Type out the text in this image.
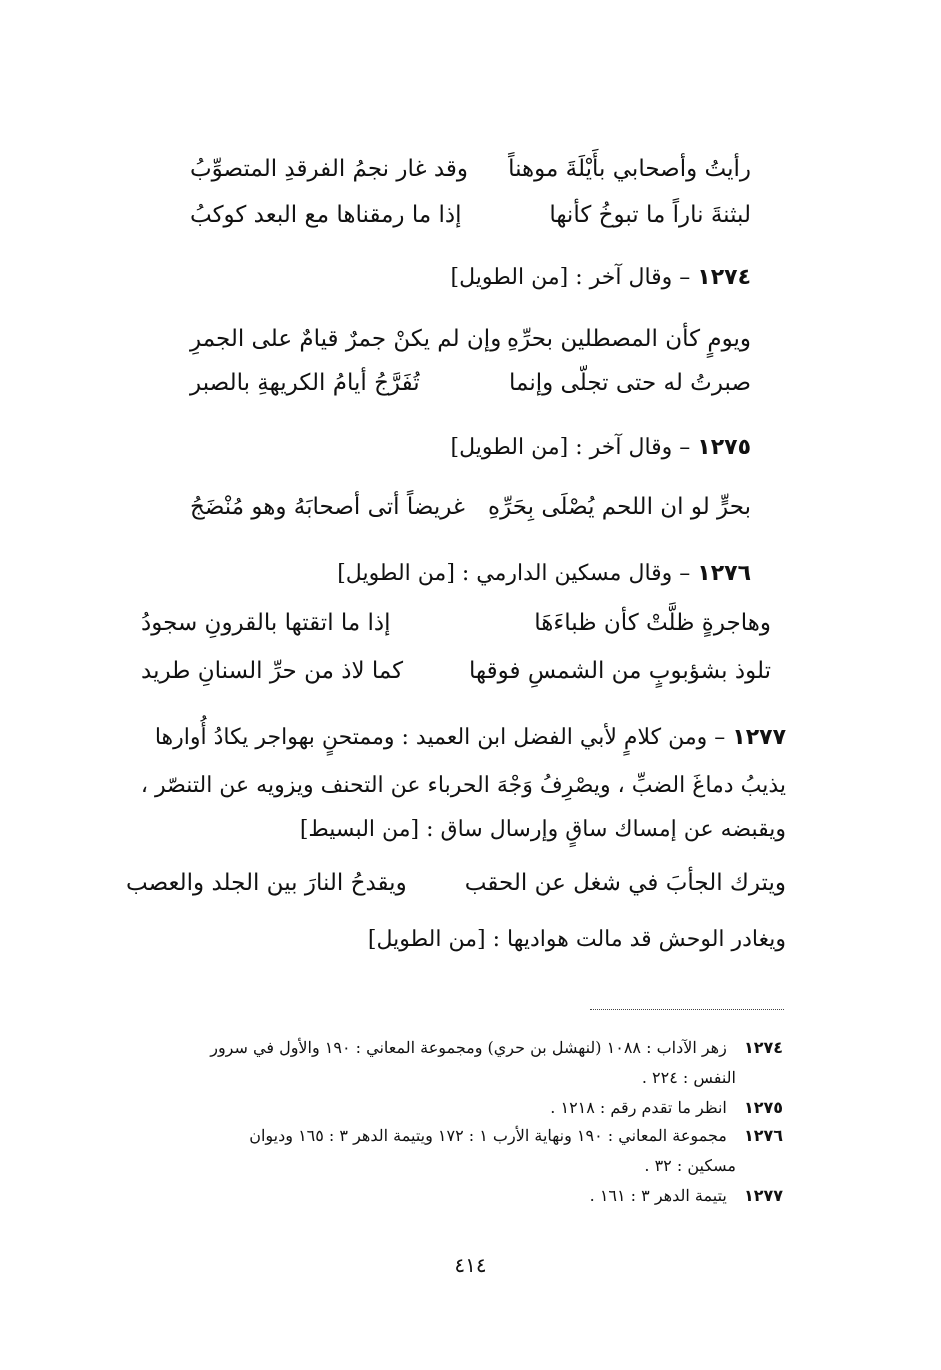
رأيتُ وأصحابي بأَيْلَةَ موهناً
وقد غار نجمُ الفرقدِ المتصوِّبُ
لبثنةَ ناراً ما تبوخُ كأنها
إذا ما رمقناها مع البعد كوكبُ
١٢٧٤ – وقال آخر : [من الطويل]
ويومٍ كأن المصطلين بحرِّهِ
وإن لم يكنْ جمرٌ قيامٌ على الجمرِ
صبرتُ له حتى تجلّى وإنما
تُفَرَّجُ أيامُ الكريهةِ بالصبر
١٢٧٥ – وقال آخر : [من الطويل]
بحرٍّ لو ان اللحم يُصْلَى بِحَرِّهِ
غريضاً أتى أصحابَهُ وهو مُنْضَجُ
١٢٧٦ – وقال مسكين الدارمي : [من الطويل]
وهاجرةٍ ظلَّتْ كأن ظباءَهَا
إذا ما اتقتها بالقرونِ سجودُ
تلوذ بشؤبوبٍ من الشمسِ فوقها
كما لاذ من حرِّ السنانِ طريد
١٢٧٧ – ومن كلامٍ لأبي الفضل ابن العميد : وممتحنٍ بهواجر يكادُ أُوارها
يذيبُ دماغَ الضبِّ ، ويصْرِفُ وَجْهَ الحرباء عن التحنف ويزويه عن التنصّر ،
ويقبضه عن إمساك ساقٍ وإرسال ساق : [من البسيط]
ويترك الجأبَ في شغل عن الحقب
ويقدحُ النارَ بين الجلد والعصب
ويغادر الوحش قد مالت هواديها : [من الطويل]
١٢٧٤ زهر الآداب : ١٠٨٨ (لنهشل بن حري) ومجموعة المعاني : ١٩٠ والأول في سرور
النفس : ٢٢٤ .
١٢٧٥ انظر ما تقدم رقم : ١٢١٨ .
١٢٧٦ مجموعة المعاني : ١٩٠ ونهاية الأرب ١ : ١٧٢ ويتيمة الدهر ٣ : ١٦٥ وديوان
مسكين : ٣٢ .
١٢٧٧ يتيمة الدهر ٣ : ١٦١ .
٤١٤
